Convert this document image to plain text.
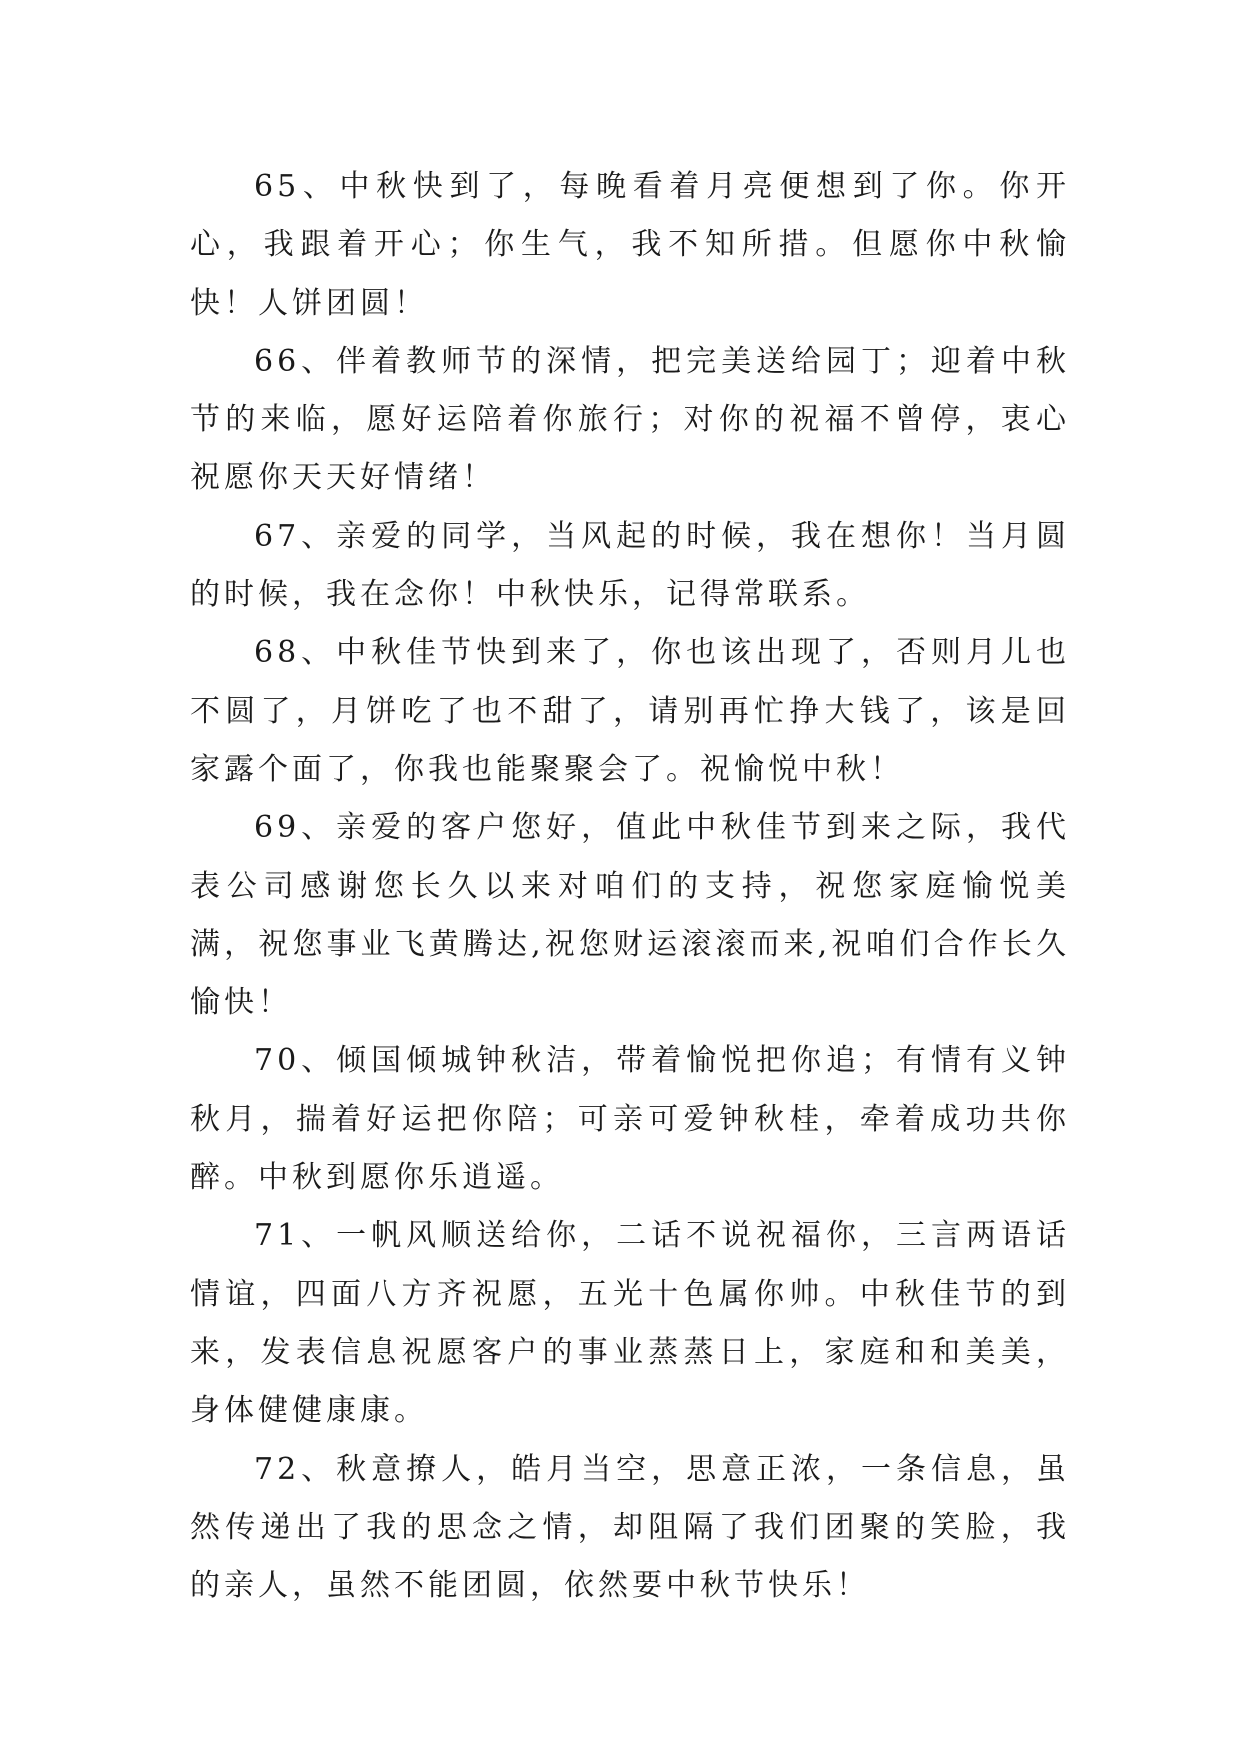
65、中秋快到了，每晚看着月亮便想到了你。你开心，我跟着开心；你生气，我不知所措。但愿你中秋愉快！人饼团圆！

66、伴着教师节的深情，把完美送给园丁；迎着中秋节的来临，愿好运陪着你旅行；对你的祝福不曾停，衷心祝愿你天天好情绪！

67、亲爱的同学，当风起的时候，我在想你！当月圆的时候，我在念你！中秋快乐，记得常联系。

68、中秋佳节快到来了，你也该出现了，否则月儿也不圆了，月饼吃了也不甜了，请别再忙挣大钱了，该是回家露个面了，你我也能聚聚会了。祝愉悦中秋！

69、亲爱的客户您好，值此中秋佳节到来之际，我代表公司感谢您长久以来对咱们的支持，祝您家庭愉悦美满，祝您事业飞黄腾达,祝您财运滚滚而来,祝咱们合作长久愉快！

70、倾国倾城钟秋洁，带着愉悦把你追；有情有义钟秋月，揣着好运把你陪；可亲可爱钟秋桂，牵着成功共你醉。中秋到愿你乐逍遥。

71、一帆风顺送给你，二话不说祝福你，三言两语话情谊，四面八方齐祝愿，五光十色属你帅。中秋佳节的到来，发表信息祝愿客户的事业蒸蒸日上，家庭和和美美，身体健健康康。

72、秋意撩人，皓月当空，思意正浓，一条信息，虽然传递出了我的思念之情，却阻隔了我们团聚的笑脸，我的亲人，虽然不能团圆，依然要中秋节快乐！
